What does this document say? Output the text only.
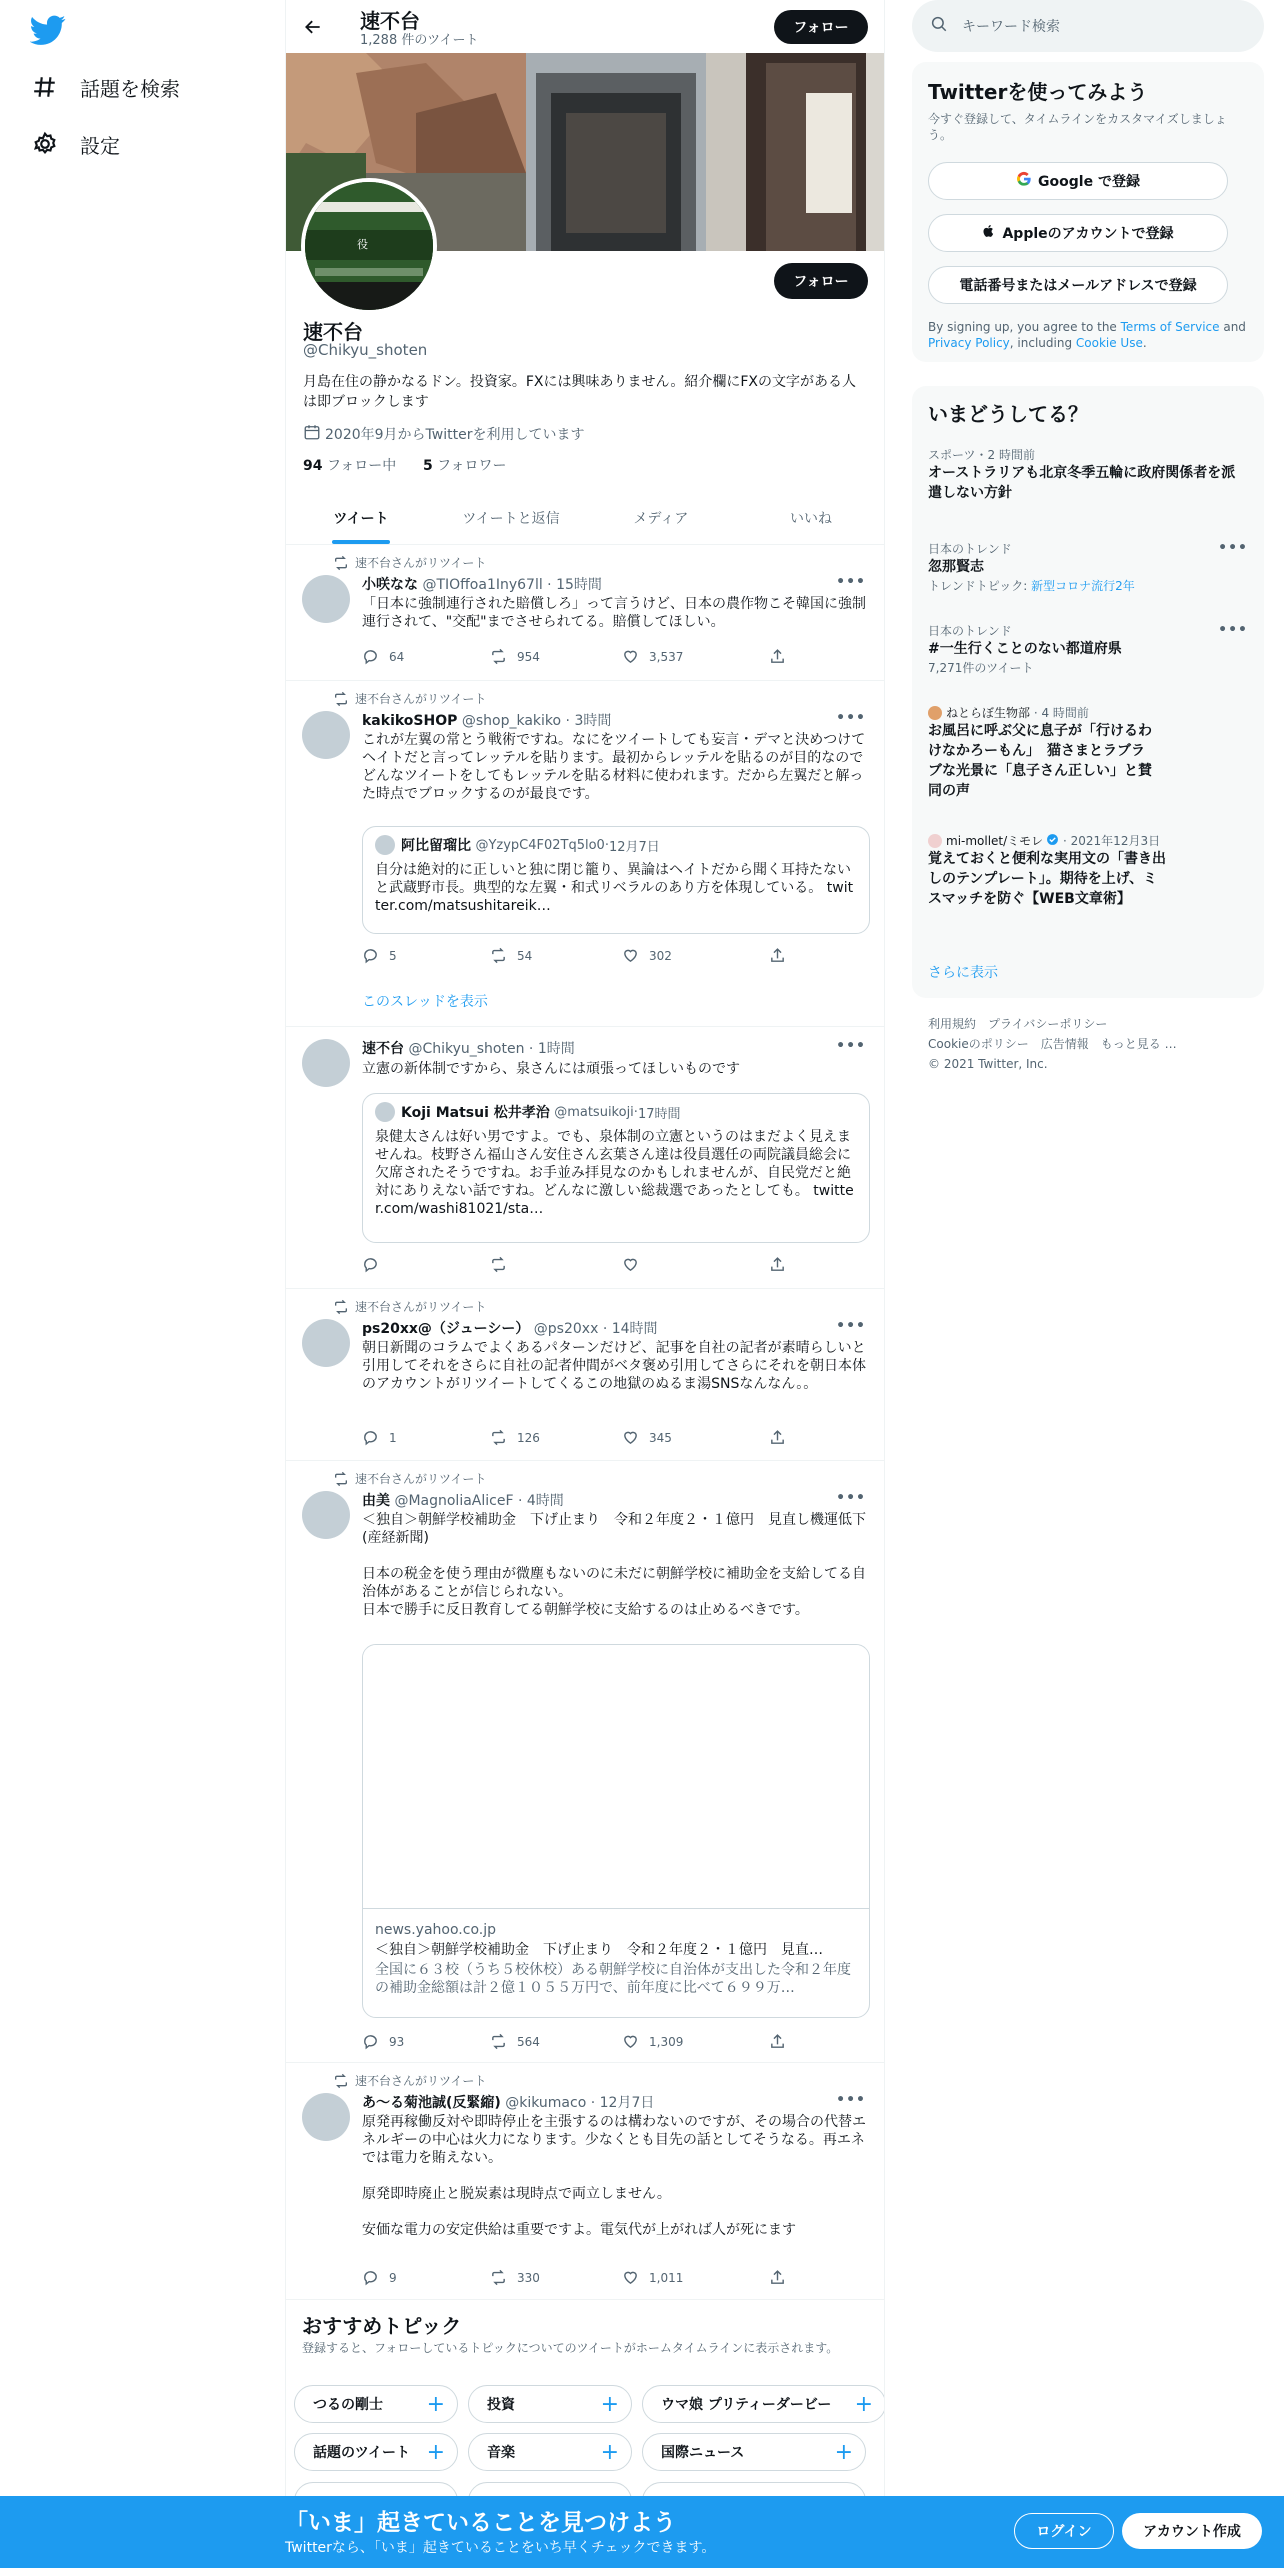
話題を検索
設定
速不台
1,288 件のツイート
フォロー
役
フォロー
速不台
@Chikyu_shoten
月島在住の静かなるドン。投資家。FXには興味ありません。紹介欄にFXの文字がある人は即ブロックします
2020年9月からTwitterを利用しています
94 フォロー中 5 フォロワー
ツイート	ツイートと返信	メディア	いいね
速不台さんがリツイート
小咲なな @TIOffoa1Iny67ll · 15時間	•••
「日本に強制連行された賠償しろ」って言うけど、日本の農作物こそ韓国に強制連行されて、"交配"までさせられてる。賠償してほしい。
64	954	3,537
速不台さんがリツイート
kakikoSHOP @shop_kakiko · 3時間	•••
これが左翼の常とう戦術ですね。なにをツイートしても妄言・デマと決めつけてヘイトだと言ってレッテルを貼ります。最初からレッテルを貼るのが目的なのでどんなツイートをしてもレッテルを貼る材料に使われます。だから左翼だと解った時点でブロックするのが最良です。
阿比留瑠比
@YzypC4F02Tq5lo0 · 12月7日
自分は絶対的に正しいと独に閉じ籠り、異論はヘイトだから聞く耳持たないと武蔵野市長。典型的な左翼・和式リベラルのあり方を体現している。 twitter.com/matsushitareik…
5	54	302
このスレッドを表示
速不台 @Chikyu_shoten · 1時間	•••
立憲の新体制ですから、泉さんには頑張ってほしいものです
Koji Matsui 松井孝治
@matsuikoji · 17時間
泉健太さんは好い男ですよ。でも、泉体制の立憲というのはまだよく見えませんね。枝野さん福山さん安住さん玄葉さん達は役員選任の両院議員総会に欠席されたそうですね。お手並み拝見なのかもしれませんが、自民党だと絶対にありえない話ですね。どんなに激しい総裁選であったとしても。 twitter.com/washi81021/sta…
速不台さんがリツイート
ps20xx@（ジューシー） @ps20xx · 14時間	•••
朝日新聞のコラムでよくあるパターンだけど、記事を自社の記者が素晴らしいと引用してそれをさらに自社の記者仲間がベタ褒め引用してさらにそれを朝日本体のアカウントがリツイートしてくるこの地獄のぬるま湯SNSなんなん。。
1	126	345
速不台さんがリツイート
由美 @MagnoliaAliceF · 4時間	•••
＜独自＞朝鮮学校補助金　下げ止まり　令和２年度２・１億円　見直し機運低下(産経新聞)
日本の税金を使う理由が微塵もないのに未だに朝鮮学校に補助金を支給してる自治体があることが信じられない。
日本で勝手に反日教育してる朝鮮学校に支給するのは止めるべきです。
news.yahoo.co.jp
＜独自＞朝鮮学校補助金　下げ止まり　令和２年度２・１億円　見直…
全国に６３校（うち５校休校）ある朝鮮学校に自治体が支出した令和２年度の補助金総額は計２億１０５５万円で、前年度に比べて６９９万…
93	564	1,309
速不台さんがリツイート
あ〜る菊池誠(反緊縮) @kikumaco · 12月7日	•••
原発再稼働反対や即時停止を主張するのは構わないのですが、その場合の代替エネルギーの中心は火力になります。少なくとも目先の話としてそうなる。再エネでは電力を賄えない。
原発即時廃止と脱炭素は現時点で両立しません。
安価な電力の安定供給は重要ですよ。電気代が上がれば人が死にます
9	330	1,011
おすすめトピック
登録すると、フォローしているトピックについてのツイートがホームタイムラインに表示されます。
つるの剛士 +	投資	+	ウマ娘 プリティーダービー +
話題のツイート +	音楽	+	国際ニュース	+
キーワード検索
Twitterを使ってみよう
今すぐ登録して、タイムラインをカスタマイズしましょう。
Google で登録
Appleのアカウントで登録
電話番号またはメールアドレスで登録
By signing up, you agree to the Terms of Service and Privacy Policy, including Cookie Use.
いまどうしてる？
スポーツ・2 時間前
オーストラリアも北京冬季五輪に政府関係者を派遣しない方針
日本のトレンド
忽那賢志
トレンドトピック: 新型コロナ流行2年
•••
日本のトレンド
#一生行くことのない都道府県
7,271件のツイート
•••
ねとらぼ生物部 · 4 時間前
お風呂に呼ぶ父に息子が「行けるわけなかろーもん」　猫さまとラブラブな光景に「息子さん正しい」と賛同の声
mi-mollet/ミモレ · 2021年12月3日
覚えておくと便利な実用文の「書き出しのテンプレート」。期待を上げ、ミスマッチを防ぐ【WEB文章術】
さらに表示
利用規約 プライバシーポリシー
Cookieのポリシー 広告情報 もっと見る …
© 2021 Twitter, Inc.
「いま」起きていることを見つけよう
Twitterなら、「いま」起きていることをいち早くチェックできます。
ログイン	アカウント作成
